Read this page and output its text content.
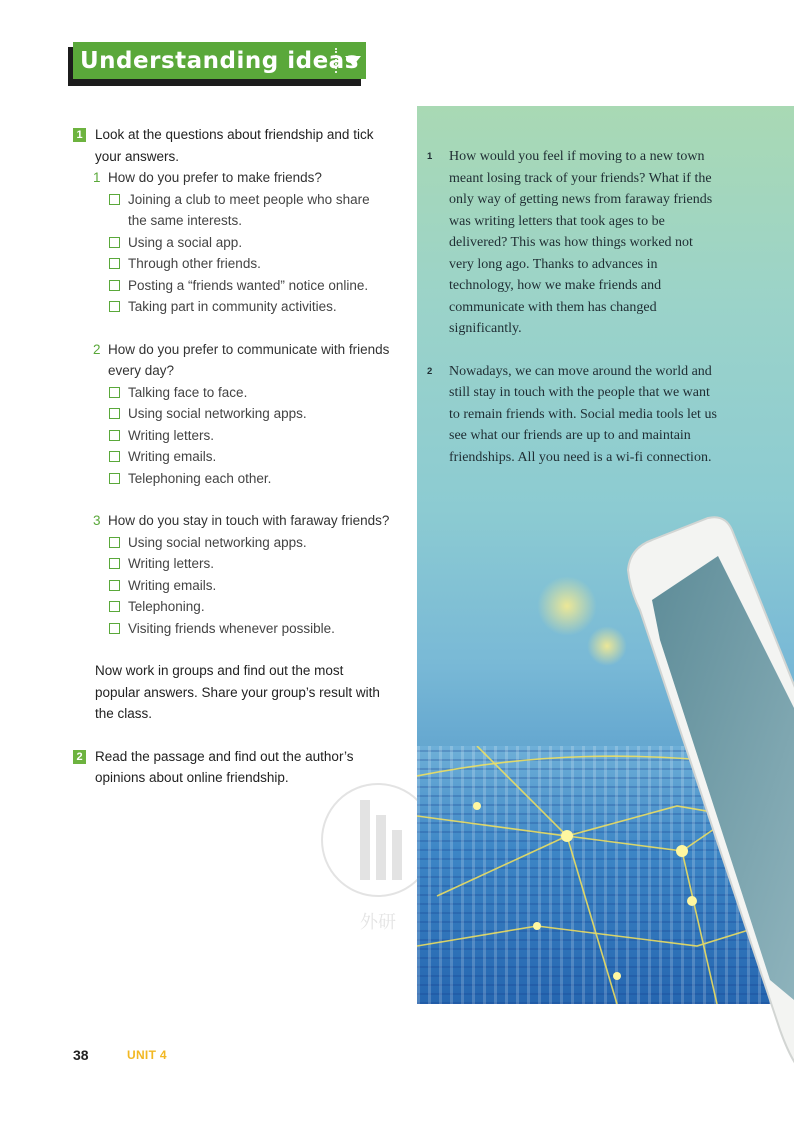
Understanding ideas
1 Look at the questions about friendship and tick your answers.
1 How do you prefer to make friends?
Joining a club to meet people who share the same interests.
Using a social app.
Through other friends.
Posting a “friends wanted” notice online.
Taking part in community activities.
2 How do you prefer to communicate with friends every day?
Talking face to face.
Using social networking apps.
Writing letters.
Writing emails.
Telephoning each other.
3 How do you stay in touch with faraway friends?
Using social networking apps.
Writing letters.
Writing emails.
Telephoning.
Visiting friends whenever possible.
Now work in groups and find out the most popular answers. Share your group’s result with the class.
2 Read the passage and find out the author’s opinions about online friendship.
外研
1 How would you feel if moving to a new town meant losing track of your friends? What if the only way of getting news from faraway friends was writing letters that took ages to be delivered? This was how things worked not very long ago. Thanks to advances in technology, how we make friends and communicate with them has changed significantly.
2 Nowadays, we can move around the world and still stay in touch with the people that we want to remain friends with. Social media tools let us see what our friends are up to and maintain friendships. All you need is a wi-fi connection.
38	UNIT 4
